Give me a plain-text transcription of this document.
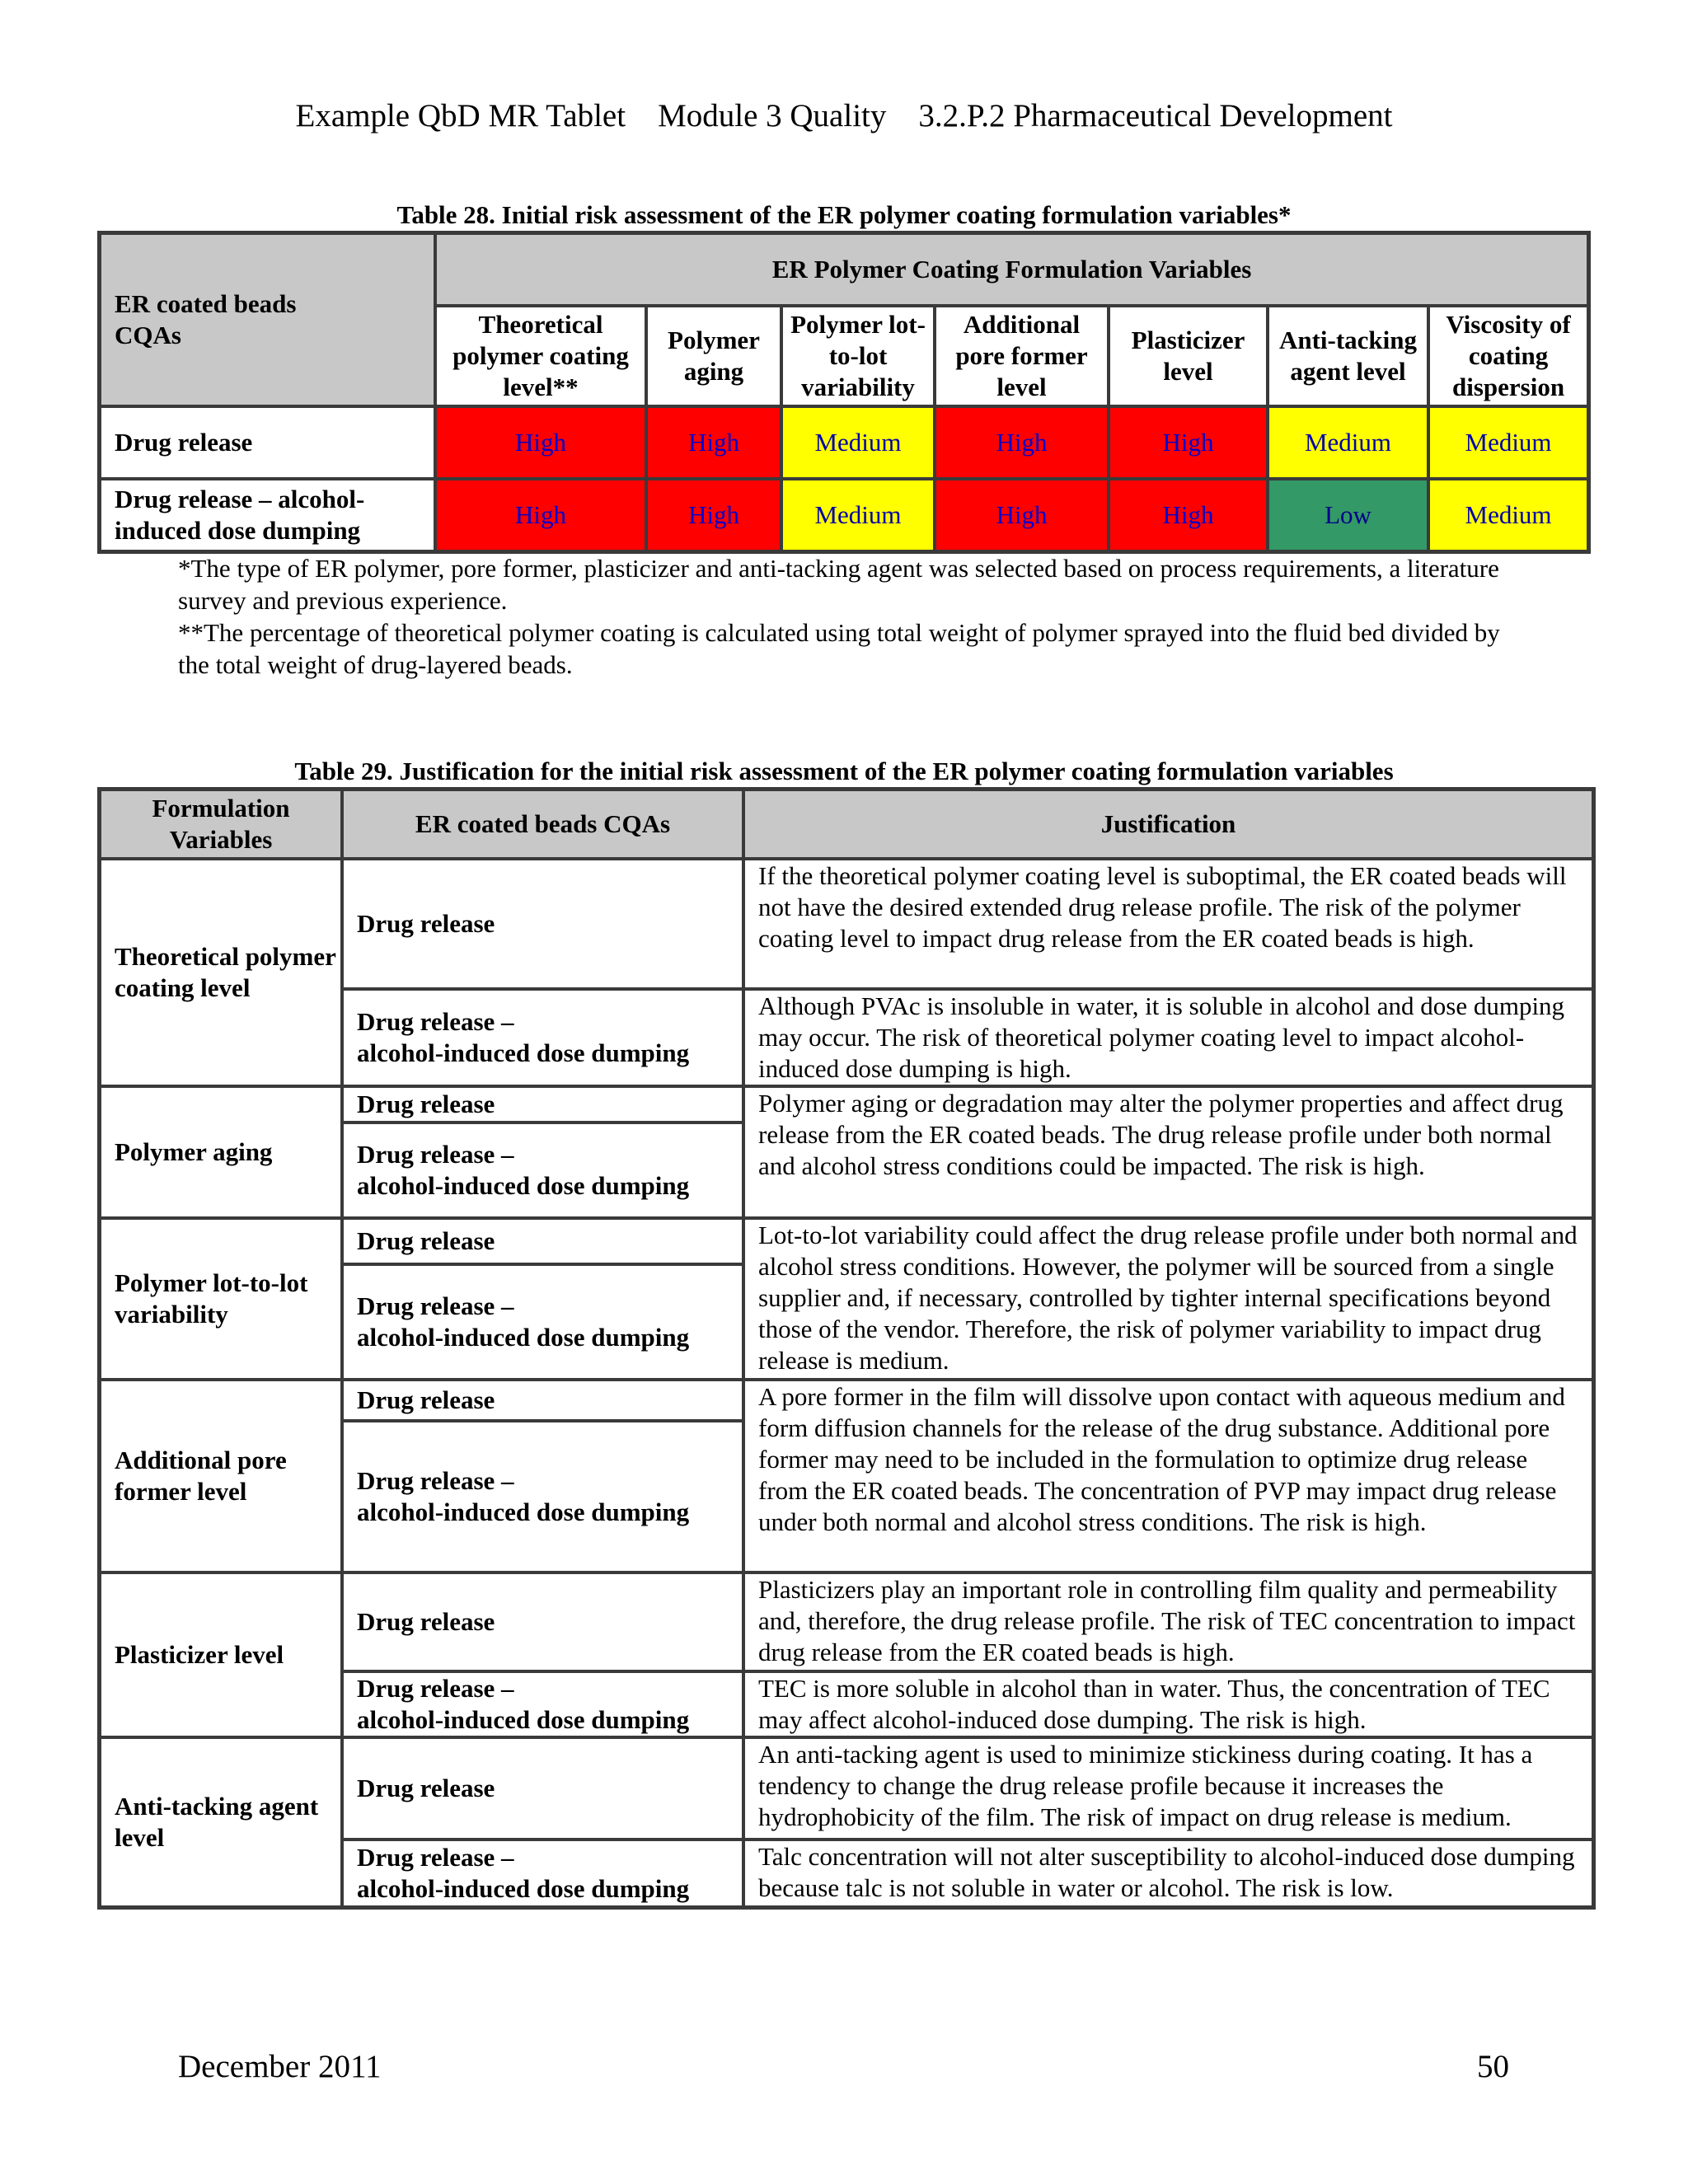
Example QbD MR Tablet    Module 3 Quality    3.2.P.2 Pharmaceutical Development
Table 28. Initial risk assessment of the ER polymer coating formulation variables*
ER coated beads
CQAs	ER Polymer Coating Formulation Variables						
	Theoretical polymer coating level**	Polymer aging	Polymer lot-to-lot variability	Additional pore former level	Plasticizer level	Anti-tacking agent level	Viscosity of coating dispersion
Drug release	High	High	Medium	High	High	Medium	Medium

Drug release – alcohol-
induced dose dumping	High	High	Medium	High	High	Low	Medium

*The type of ER polymer, pore former, plasticizer and anti-tacking agent was selected based on process requirements, a literature survey and previous experience.

**The percentage of theoretical polymer coating is calculated using total weight of polymer sprayed into the fluid bed divided by the total weight of drug-layered beads.

Table 29. Justification for the initial risk assessment of the ER polymer coating formulation variables
Formulation Variables	ER coated beads CQAs	Justification
Theoretical polymer coating level	Drug release	If the theoretical polymer coating level is suboptimal, the ER coated beads will not have the desired extended drug release profile. The risk of the polymer coating level to impact drug release from the ER coated beads is high.

	Drug release –
alcohol-induced dose dumping	Although PVAc is insoluble in water, it is soluble in alcohol and dose dumping may occur. The risk of theoretical polymer coating level to impact alcohol-induced dose dumping is high.
Polymer aging	Drug release	Polymer aging or degradation may alter the polymer properties and affect drug release from the ER coated beads. The drug release profile under both normal and alcohol stress conditions could be impacted. The risk is high.

	Drug release –
alcohol-induced dose dumping	

Polymer lot-to-lot variability	Drug release	Lot-to-lot variability could affect the drug release profile under both normal and alcohol stress conditions. However, the polymer will be sourced from a single supplier and, if necessary, controlled by tighter internal specifications beyond those of the vendor. Therefore, the risk of polymer variability to impact drug release is medium.

	Drug release –
alcohol-induced dose dumping	

Additional pore former level	Drug release	A pore former in the film will dissolve upon contact with aqueous medium and form diffusion channels for the release of the drug substance. Additional pore former may need to be included in the formulation to optimize drug release from the ER coated beads. The concentration of PVP may impact drug release under both normal and alcohol stress conditions. The risk is high.

	Drug release –
alcohol-induced dose dumping	

Plasticizer level	Drug release	Plasticizers play an important role in controlling film quality and permeability and, therefore, the drug release profile. The risk of TEC concentration to impact drug release from the ER coated beads is high.

	Drug release –
alcohol-induced dose dumping	TEC is more soluble in alcohol than in water. Thus, the concentration of TEC may affect alcohol-induced dose dumping. The risk is high.
Anti-tacking agent level	Drug release	An anti-tacking agent is used to minimize stickiness during coating. It has a tendency to change the drug release profile because it increases the hydrophobicity of the film. The risk of impact on drug release is medium.

	Drug release –
alcohol-induced dose dumping	Talc concentration will not alter susceptibility to alcohol-induced dose dumping because talc is not soluble in water or alcohol. The risk is low.
December 2011	50
